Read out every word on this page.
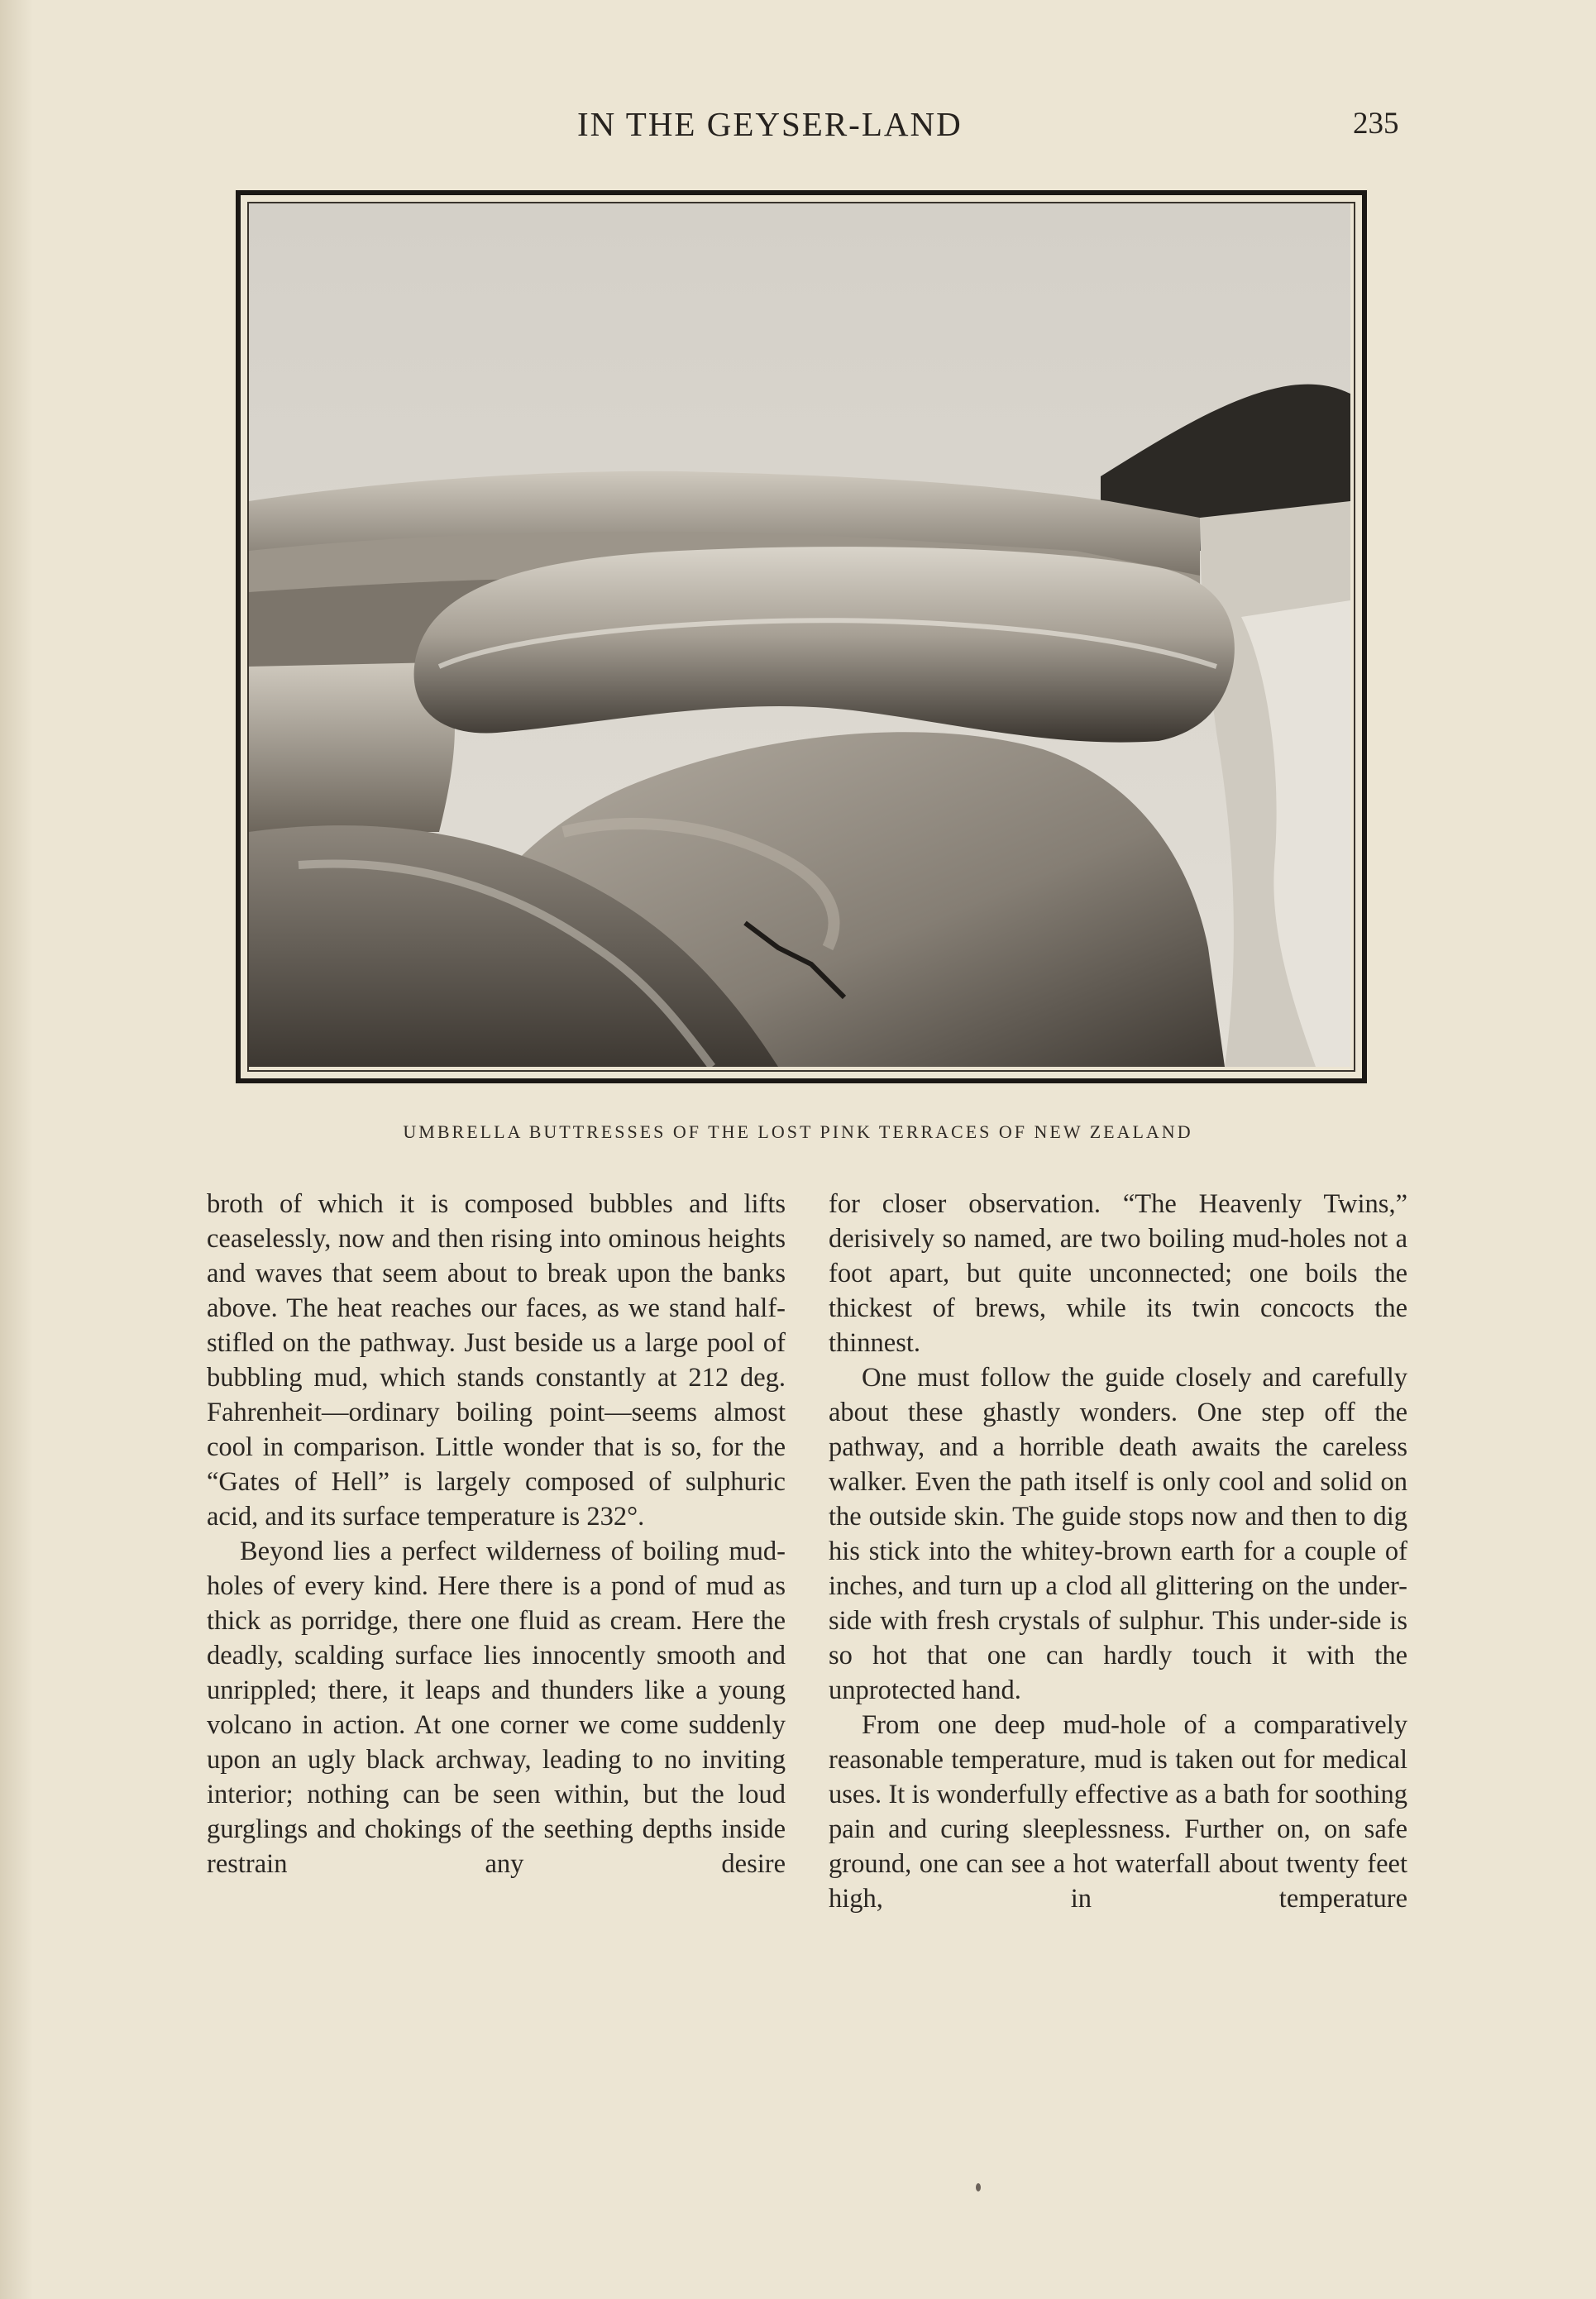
IN THE GEYSER-LAND	235
UMBRELLA BUTTRESSES OF THE LOST PINK TERRACES OF NEW ZEALAND

broth of which it is composed bubbles and lifts ceaselessly, now and then rising into ominous heights and waves that seem about to break upon the banks above. The heat reaches our faces, as we stand half-stifled on the pathway. Just beside us a large pool of bubbling mud, which stands constantly at 212 deg. Fahrenheit—ordinary boiling point—seems almost cool in comparison. Little wonder that is so, for the “Gates of Hell” is largely composed of sulphuric acid, and its surface temperature is 232°.

Beyond lies a perfect wilderness of boiling mud-holes of every kind. Here there is a pond of mud as thick as porridge, there one fluid as cream. Here the deadly, scalding surface lies innocently smooth and unrippled; there, it leaps and thunders like a young volcano in action. At one corner we come suddenly upon an ugly black archway, leading to no inviting interior; nothing can be seen within, but the loud gurglings and chokings of the seething depths inside restrain any desire

for closer observation. “The Heavenly Twins,” derisively so named, are two boiling mud-holes not a foot apart, but quite unconnected; one boils the thickest of brews, while its twin concocts the thinnest.

One must follow the guide closely and carefully about these ghastly wonders. One step off the pathway, and a horrible death awaits the careless walker. Even the path itself is only cool and solid on the outside skin. The guide stops now and then to dig his stick into the whitey-brown earth for a couple of inches, and turn up a clod all glittering on the under-side with fresh crystals of sulphur. This under-side is so hot that one can hardly touch it with the unprotected hand.

From one deep mud-hole of a comparatively reasonable temperature, mud is taken out for medical uses. It is wonderfully effective as a bath for soothing pain and curing sleeplessness. Further on, on safe ground, one can see a hot waterfall about twenty feet high, in temperature
